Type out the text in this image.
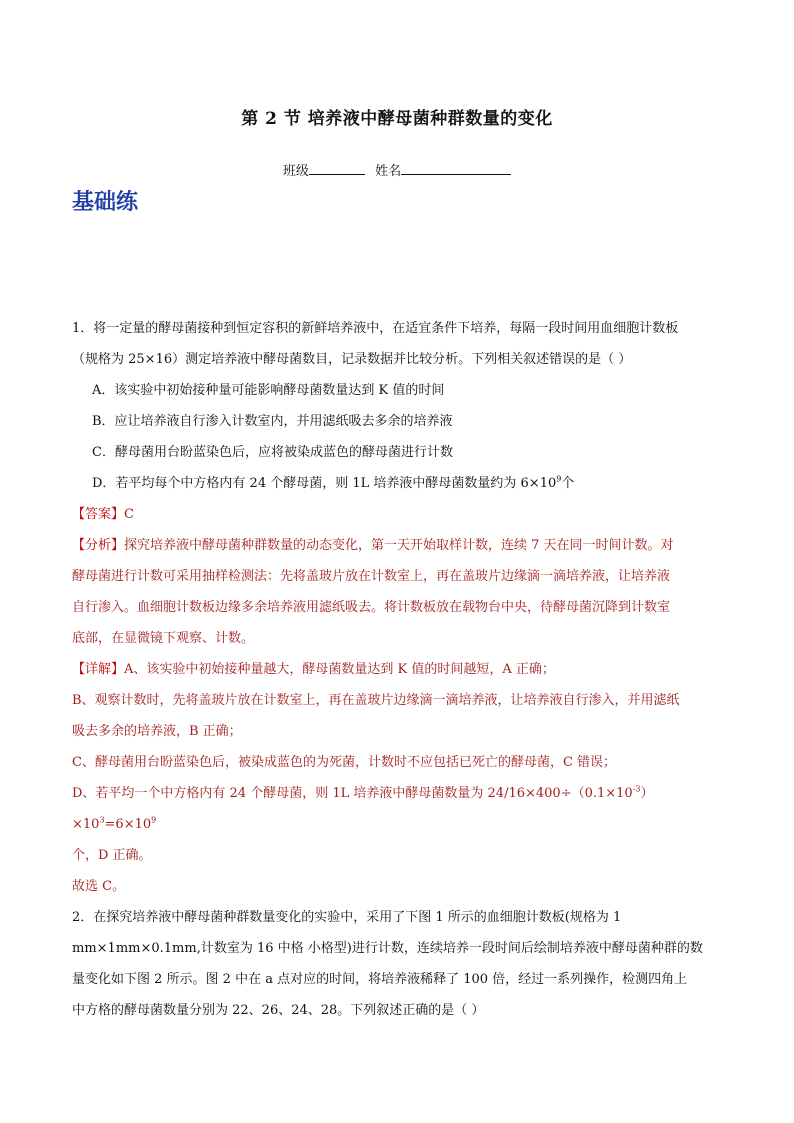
第 2 节 培养液中酵母菌种群数量的变化
班级	姓名
基础练

1．将一定量的酵母菌接种到恒定容积的新鲜培养液中，在适宜条件下培养，每隔一段时间用血细胞计数板

（规格为 25×16）测定培养液中酵母菌数目，记录数据并比较分析。下列相关叙述错误的是（ ）

A．该实验中初始接种量可能影响酵母菌数量达到 K 值的时间

B．应让培养液自行渗入计数室内，并用滤纸吸去多余的培养液

C．酵母菌用台盼蓝染色后，应将被染成蓝色的酵母菌进行计数

D．若平均每个中方格内有 24 个酵母菌，则 1L 培养液中酵母菌数量约为 $6\times 10^9$个

【答案】C

【分析】探究培养液中酵母菌种群数量的动态变化，第一天开始取样计数，连续 7 天在同一时间计数。对

酵母菌进行计数可采用抽样检测法：先将盖玻片放在计数室上，再在盖玻片边缘滴一滴培养液，让培养液

自行渗入。血细胞计数板边缘多余培养液用滤纸吸去。将计数板放在载物台中央，待酵母菌沉降到计数室

底部，在显微镜下观察、计数。

【详解】A、该实验中初始接种量越大，酵母菌数量达到 K 值的时间越短，A 正确；

B、观察计数时，先将盖玻片放在计数室上，再在盖玻片边缘滴一滴培养液，让培养液自行渗入，并用滤纸

吸去多余的培养液，B 正确；

C、酵母菌用台盼蓝染色后，被染成蓝色的为死菌，计数时不应包括已死亡的酵母菌，C 错误；

D、若平均一个中方格内有 24 个酵母菌，则 1L 培养液中酵母菌数量为 $24/16\times 400\div(0.1\times 10^{-3})\times 10^3=6\times 10^9$

个，D 正确。

故选 C。

2．在探究培养液中酵母菌种群数量变化的实验中，采用了下图 1 所示的血细胞计数板(规格为 1

mm×1mm×0.1mm,计数室为 16 中格 小格型)进行计数，连续培养一段时间后绘制培养液中酵母菌种群的数

量变化如下图 2 所示。图 2 中在 a 点对应的时间，将培养液稀释了 100 倍，经过一系列操作，检测四角上

中方格的酵母菌数量分别为 22、26、24、28。下列叙述正确的是（ ）
